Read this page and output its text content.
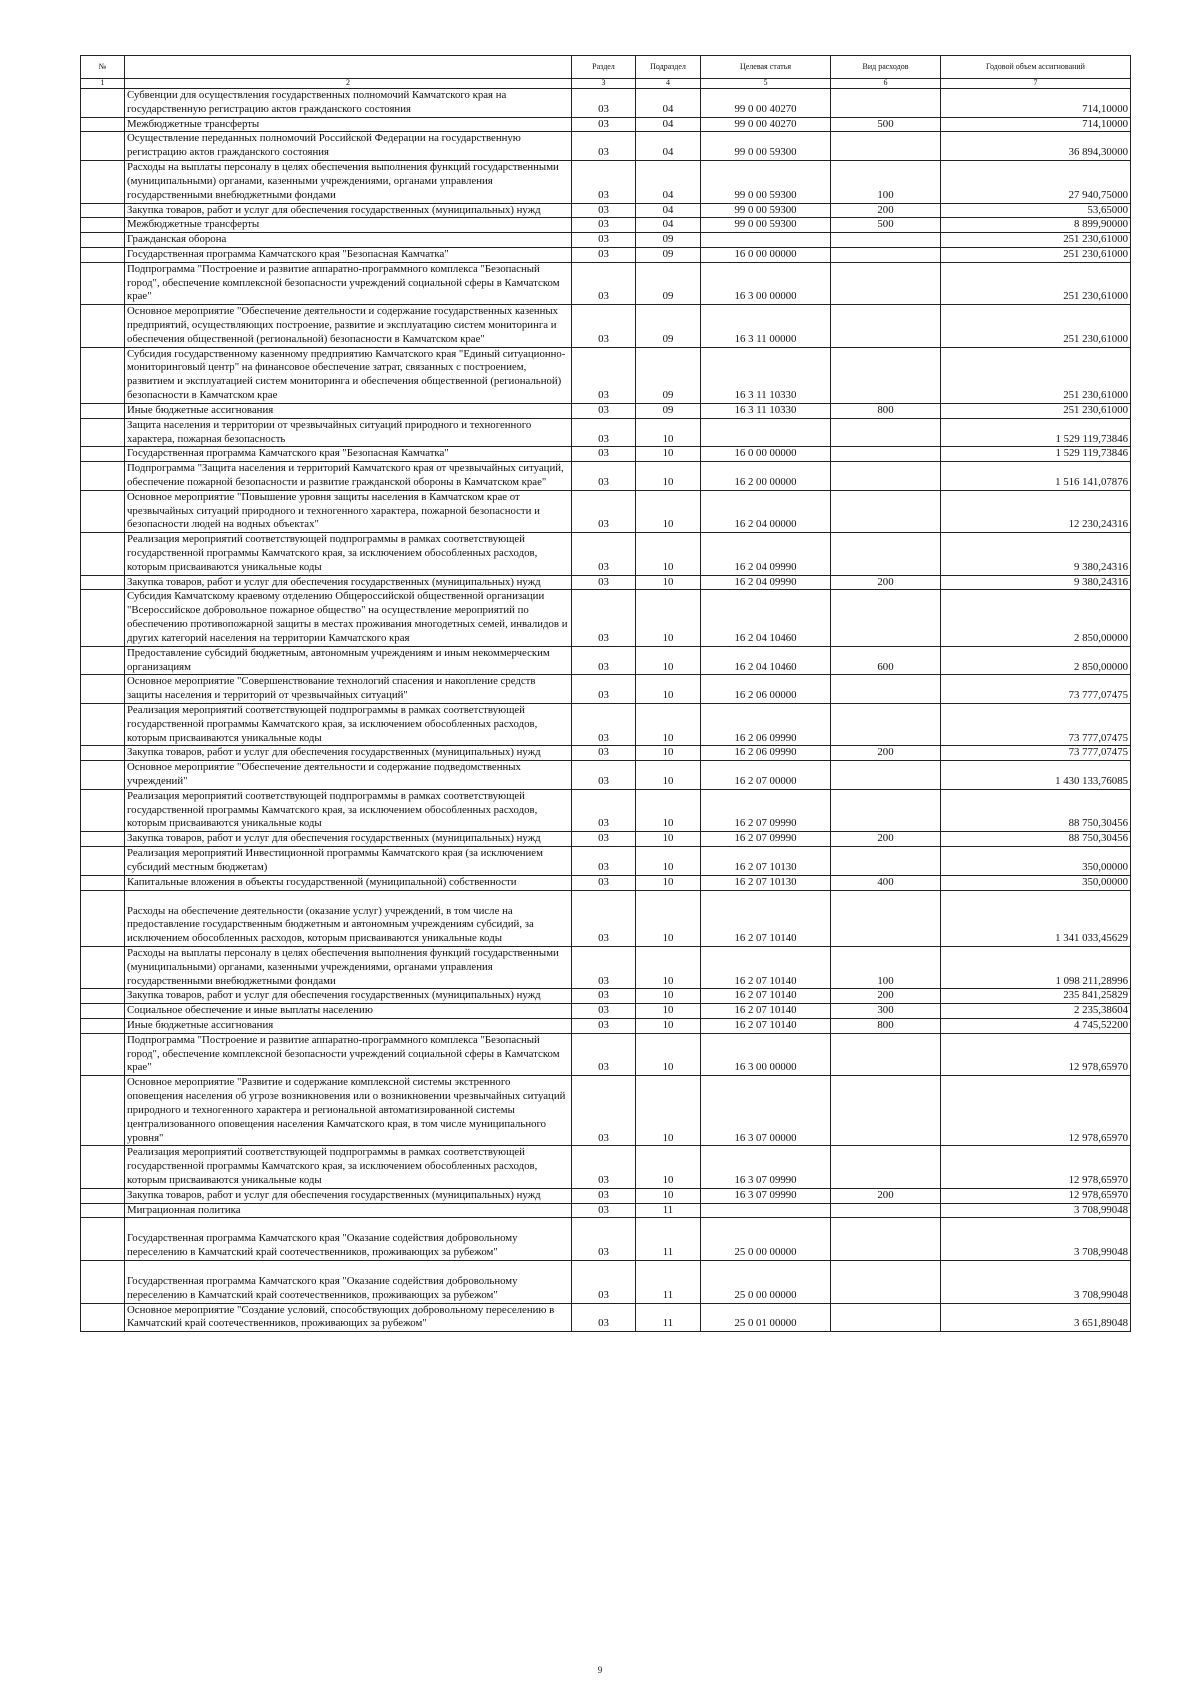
№		Раздел	Подраздел	Целевая статья	Вид расходов	Годовой объем ассигнований
1	2	3	4	5	6	7
	Субвенции для осуществления государственных полномочий Камчатского края на государственную регистрацию актов гражданского состояния	03	04	99 0 00 40270		714,10000
	Межбюджетные трансферты	03	04	99 0 00 40270	500	714,10000
	Осуществление переданных полномочий Российской Федерации на государственную регистрацию актов гражданского состояния	03	04	99 0 00 59300		36 894,30000
	Расходы на выплаты персоналу в целях обеспечения выполнения функций государственными (муниципальными) органами, казенными учреждениями, органами управления государственными внебюджетными фондами	03	04	99 0 00 59300	100	27 940,75000
	Закупка товаров, работ и услуг для обеспечения государственных (муниципальных) нужд	03	04	99 0 00 59300	200	53,65000
	Межбюджетные трансферты	03	04	99 0 00 59300	500	8 899,90000
	Гражданская оборона	03	09			251 230,61000
	Государственная программа Камчатского края "Безопасная Камчатка"	03	09	16 0 00 00000		251 230,61000
	Подпрограмма "Построение и развитие аппаратно-программного комплекса "Безопасный город", обеспечение комплексной безопасности учреждений социальной сферы в Камчатском крае"	03	09	16 3 00 00000		251 230,61000
	Основное мероприятие "Обеспечение деятельности и содержание государственных казенных предприятий, осуществляющих построение, развитие и эксплуатацию систем мониторинга и обеспечения общественной (региональной) безопасности в Камчатском крае"	03	09	16 3 11 00000		251 230,61000
	Субсидия государственному казенному предприятию Камчатского края "Единый ситуационно-мониторинговый центр" на финансовое обеспечение затрат, связанных с построением, развитием и эксплуатацией систем мониторинга и обеспечения общественной (региональной) безопасности в Камчатском крае	03	09	16 3 11 10330		251 230,61000
	Иные бюджетные ассигнования	03	09	16 3 11 10330	800	251 230,61000
	Защита населения и территории от чрезвычайных ситуаций природного и техногенного характера, пожарная безопасность	03	10			1 529 119,73846
	Государственная программа Камчатского края "Безопасная Камчатка"	03	10	16 0 00 00000		1 529 119,73846
	Подпрограмма "Защита населения и территорий Камчатского края от чрезвычайных ситуаций, обеспечение пожарной безопасности и развитие гражданской обороны в Камчатском крае"	03	10	16 2 00 00000		1 516 141,07876
	Основное мероприятие "Повышение уровня защиты населения в Камчатском крае от чрезвычайных ситуаций природного и техногенного характера, пожарной безопасности и безопасности людей на водных объектах"	03	10	16 2 04 00000		12 230,24316
	Реализация мероприятий соответствующей подпрограммы в рамках соответствующей государственной программы Камчатского края, за исключением обособленных расходов, которым присваиваются уникальные коды	03	10	16 2 04 09990		9 380,24316
	Закупка товаров, работ и услуг для обеспечения государственных (муниципальных) нужд	03	10	16 2 04 09990	200	9 380,24316
	Субсидия Камчатскому краевому отделению Общероссийской общественной организации "Всероссийское добровольное пожарное общество" на осуществление мероприятий по обеспечению противопожарной защиты в местах проживания многодетных семей, инвалидов и других категорий населения на территории Камчатского края	03	10	16 2 04 10460		2 850,00000
	Предоставление субсидий бюджетным, автономным учреждениям и иным некоммерческим организациям	03	10	16 2 04 10460	600	2 850,00000
	Основное мероприятие "Совершенствование технологий спасения и накопление средств защиты населения и территорий от чрезвычайных ситуаций"	03	10	16 2 06 00000		73 777,07475
	Реализация мероприятий соответствующей подпрограммы в рамках соответствующей государственной программы Камчатского края, за исключением обособленных расходов, которым присваиваются уникальные коды	03	10	16 2 06 09990		73 777,07475
	Закупка товаров, работ и услуг для обеспечения государственных (муниципальных) нужд	03	10	16 2 06 09990	200	73 777,07475
	Основное мероприятие "Обеспечение деятельности и содержание подведомственных учреждений"	03	10	16 2 07 00000		1 430 133,76085
	Реализация мероприятий соответствующей подпрограммы в рамках соответствующей государственной программы Камчатского края, за исключением обособленных расходов, которым присваиваются уникальные коды	03	10	16 2 07 09990		88 750,30456
	Закупка товаров, работ и услуг для обеспечения государственных (муниципальных) нужд	03	10	16 2 07 09990	200	88 750,30456
	Реализация мероприятий Инвестиционной программы Камчатского края (за исключением субсидий местным бюджетам)	03	10	16 2 07 10130		350,00000
	Капитальные вложения в объекты государственной (муниципальной) собственности	03	10	16 2 07 10130	400	350,00000
	Расходы на обеспечение деятельности (оказание услуг) учреждений, в том числе на предоставление государственным бюджетным и автономным учреждениям субсидий, за исключением обособленных расходов, которым присваиваются уникальные коды	03	10	16 2 07 10140		1 341 033,45629
	Расходы на выплаты персоналу в целях обеспечения выполнения функций государственными (муниципальными) органами, казенными учреждениями, органами управления государственными внебюджетными фондами	03	10	16 2 07 10140	100	1 098 211,28996
	Закупка товаров, работ и услуг для обеспечения государственных (муниципальных) нужд	03	10	16 2 07 10140	200	235 841,25829
	Социальное обеспечение и иные выплаты населению	03	10	16 2 07 10140	300	2 235,38604
	Иные бюджетные ассигнования	03	10	16 2 07 10140	800	4 745,52200
	Подпрограмма "Построение и развитие аппаратно-программного комплекса "Безопасный город", обеспечение комплексной безопасности учреждений социальной сферы в Камчатском крае"	03	10	16 3 00 00000		12 978,65970
	Основное мероприятие "Развитие и содержание комплексной системы экстренного оповещения населения об угрозе возникновения или о возникновении чрезвычайных ситуаций природного и техногенного характера и региональной автоматизированной системы централизованного оповещения населения Камчатского края, в том числе муниципального уровня"	03	10	16 3 07 00000		12 978,65970
	Реализация мероприятий соответствующей подпрограммы в рамках соответствующей государственной программы Камчатского края, за исключением обособленных расходов, которым присваиваются уникальные коды	03	10	16 3 07 09990		12 978,65970
	Закупка товаров, работ и услуг для обеспечения государственных (муниципальных) нужд	03	10	16 3 07 09990	200	12 978,65970
	Миграционная политика	03	11			3 708,99048
	Государственная программа Камчатского края "Оказание содействия добровольному переселению в Камчатский край соотечественников, проживающих за рубежом"	03	11	25 0 00 00000		3 708,99048
	Государственная программа Камчатского края "Оказание содействия добровольному переселению в Камчатский край соотечественников, проживающих за рубежом"	03	11	25 0 00 00000		3 708,99048
	Основное мероприятие "Создание условий, способствующих добровольному переселению в Камчатский край соотечественников, проживающих за рубежом"	03	11	25 0 01 00000		3 651,89048
9
